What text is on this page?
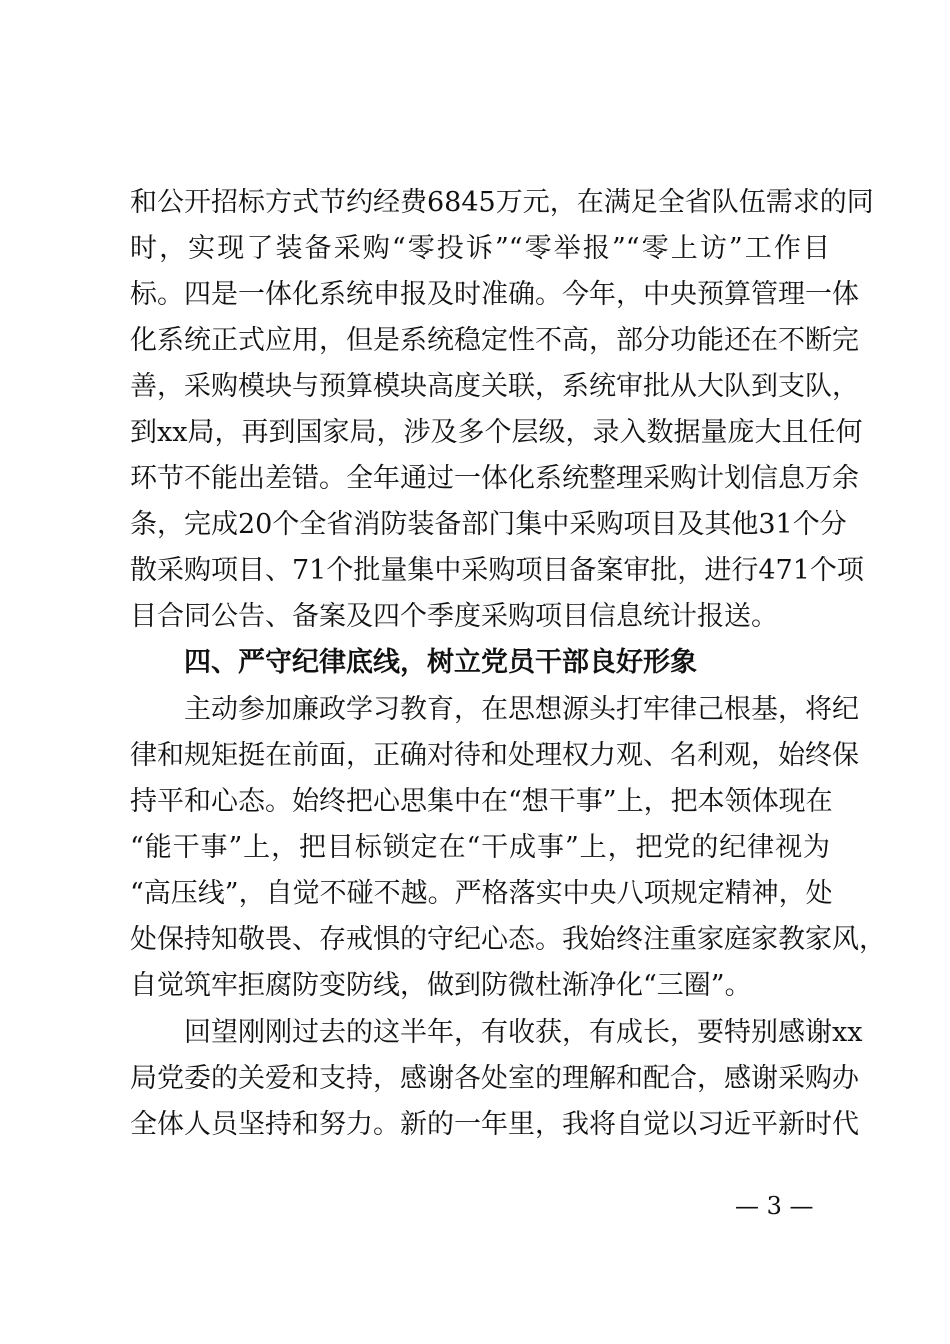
和公开招标方式节约经费6845万元，在满足全省队伍需求的同
时，实现了装备采购“零投诉”“零举报”“零上访”工作目
标。四是一体化系统申报及时准确。今年，中央预算管理一体
化系统正式应用，但是系统稳定性不高，部分功能还在不断完
善，采购模块与预算模块高度关联，系统审批从大队到支队，
到xx局，再到国家局，涉及多个层级，录入数据量庞大且任何
环节不能出差错。全年通过一体化系统整理采购计划信息万余
条，完成20个全省消防装备部门集中采购项目及其他31个分
散采购项目、71个批量集中采购项目备案审批，进行471个项
目合同公告、备案及四个季度采购项目信息统计报送。
四、严守纪律底线，树立党员干部良好形象
主动参加廉政学习教育，在思想源头打牢律己根基，将纪
律和规矩挺在前面，正确对待和处理权力观、名利观，始终保
持平和心态。始终把心思集中在“想干事”上，把本领体现在
“能干事”上，把目标锁定在“干成事”上，把党的纪律视为
“高压线”，自觉不碰不越。严格落实中央八项规定精神，处
处保持知敬畏、存戒惧的守纪心态。我始终注重家庭家教家风，
自觉筑牢拒腐防变防线，做到防微杜渐净化“三圈”。
回望刚刚过去的这半年，有收获，有成长，要特别感谢xx
局党委的关爱和支持，感谢各处室的理解和配合，感谢采购办
全体人员坚持和努力。新的一年里，我将自觉以习近平新时代
— 3 —
